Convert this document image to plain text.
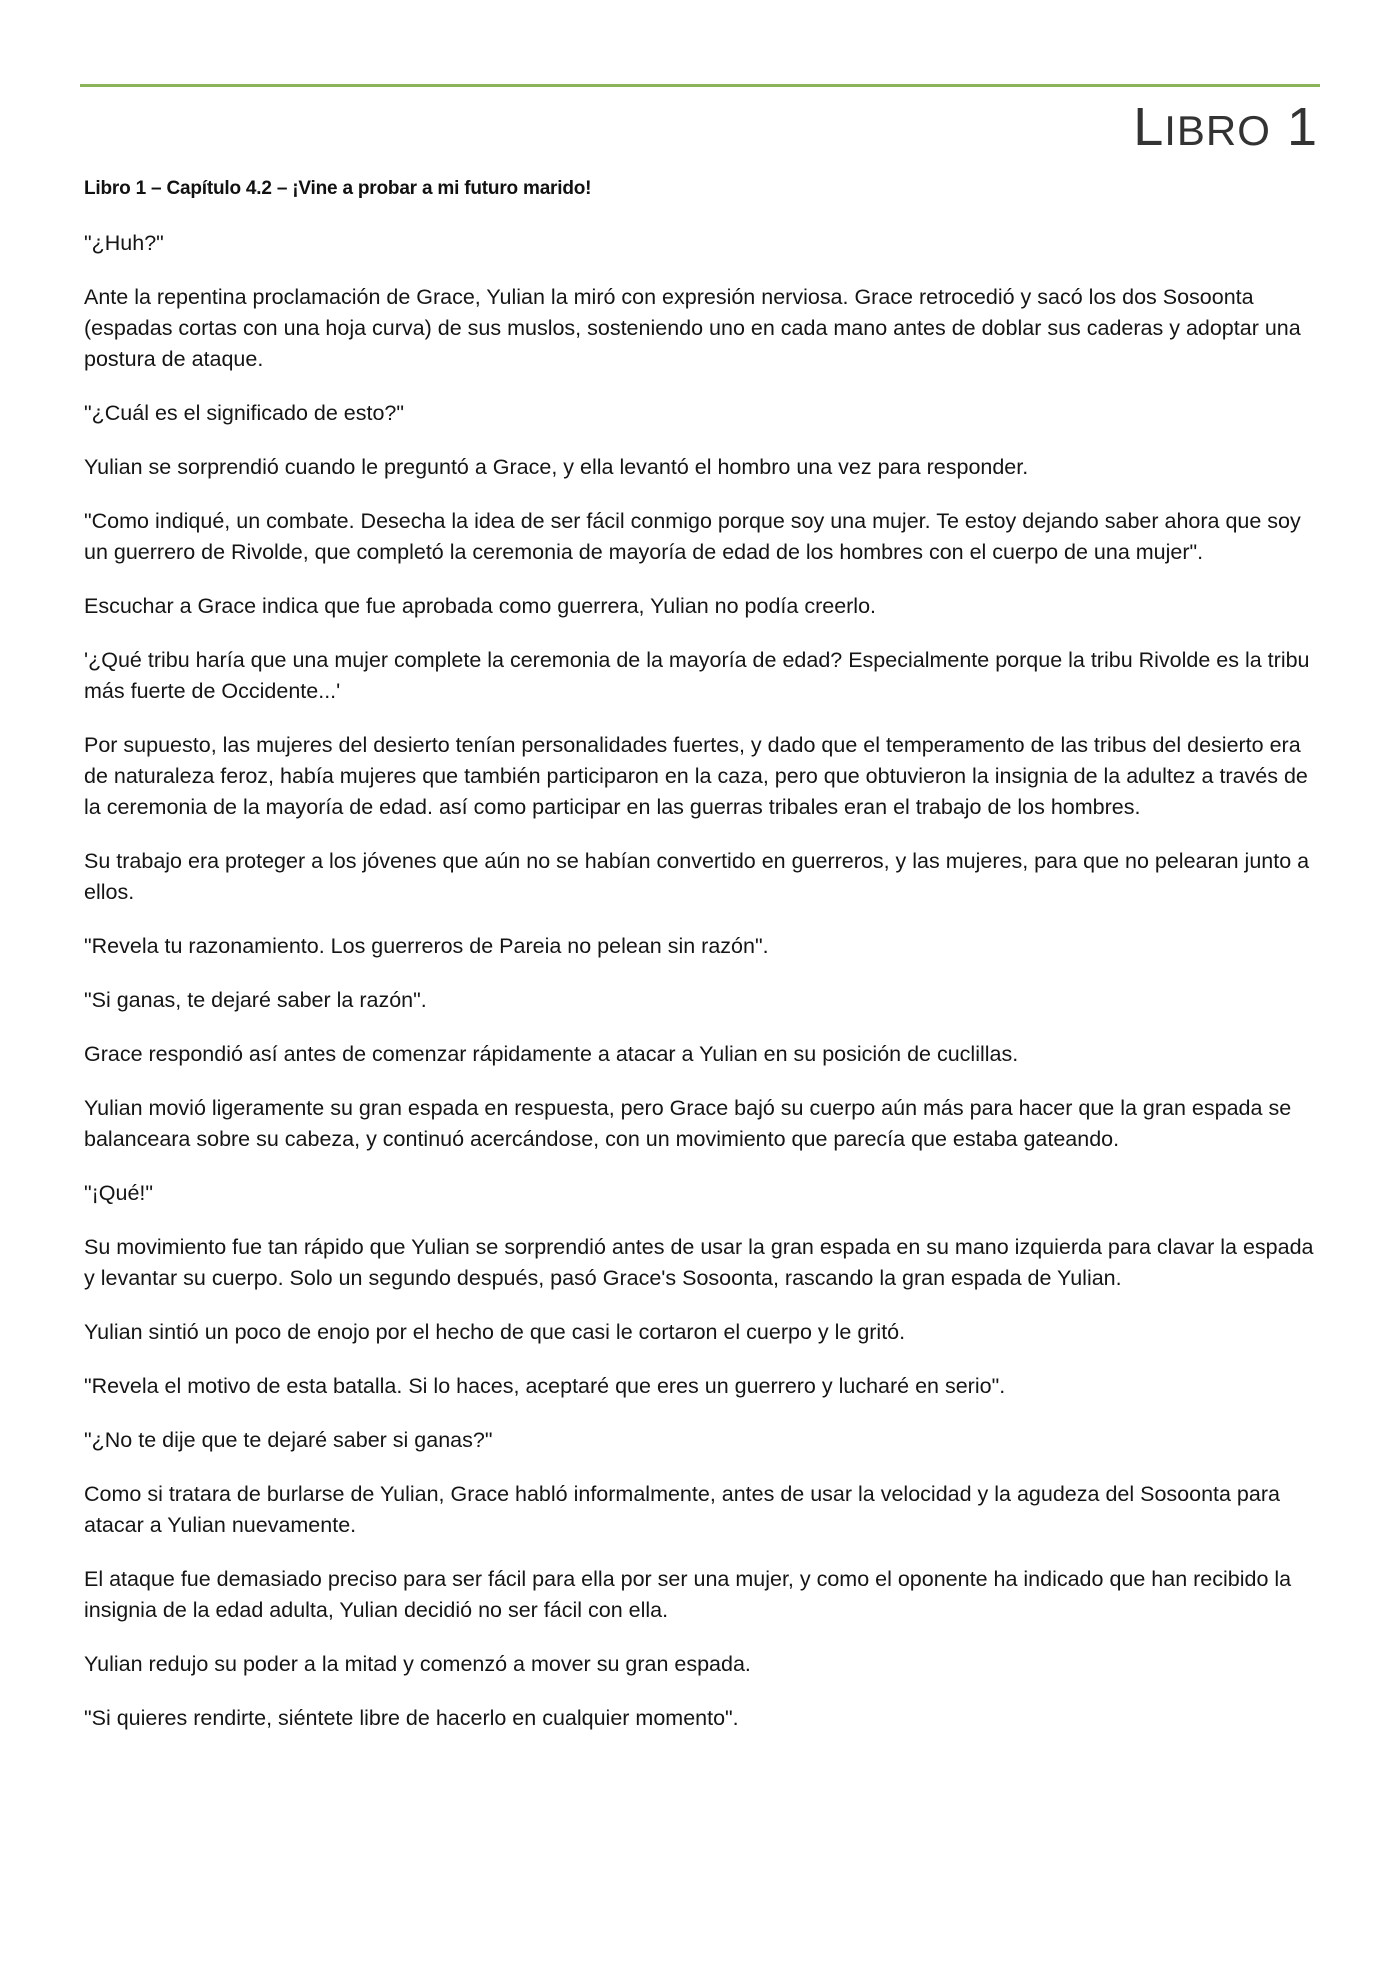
LIBRO 1
Libro 1 – Capítulo 4.2 – ¡Vine a probar a mi futuro marido!

"¿Huh?"

Ante la repentina proclamación de Grace, Yulian la miró con expresión nerviosa. Grace retrocedió y sacó los dos Sosoonta (espadas cortas con una hoja curva) de sus muslos, sosteniendo uno en cada mano antes de doblar sus caderas y adoptar una postura de ataque.

"¿Cuál es el significado de esto?"

Yulian se sorprendió cuando le preguntó a Grace, y ella levantó el hombro una vez para responder.

"Como indiqué, un combate. Desecha la idea de ser fácil conmigo porque soy una mujer. Te estoy dejando saber ahora que soy un guerrero de Rivolde, que completó la ceremonia de mayoría de edad de los hombres con el cuerpo de una mujer".

Escuchar a Grace indica que fue aprobada como guerrera, Yulian no podía creerlo.

'¿Qué tribu haría que una mujer complete la ceremonia de la mayoría de edad? Especialmente porque la tribu Rivolde es la tribu más fuerte de Occidente...'

Por supuesto, las mujeres del desierto tenían personalidades fuertes, y dado que el temperamento de las tribus del desierto era de naturaleza feroz, había mujeres que también participaron en la caza, pero que obtuvieron la insignia de la adultez a través de la ceremonia de la mayoría de edad. así como participar en las guerras tribales eran el trabajo de los hombres.

Su trabajo era proteger a los jóvenes que aún no se habían convertido en guerreros, y las mujeres, para que no pelearan junto a ellos.

"Revela tu razonamiento. Los guerreros de Pareia no pelean sin razón".

"Si ganas, te dejaré saber la razón".

Grace respondió así antes de comenzar rápidamente a atacar a Yulian en su posición de cuclillas.

Yulian movió ligeramente su gran espada en respuesta, pero Grace bajó su cuerpo aún más para hacer que la gran espada se balanceara sobre su cabeza, y continuó acercándose, con un movimiento que parecía que estaba gateando.

"¡Qué!"

Su movimiento fue tan rápido que Yulian se sorprendió antes de usar la gran espada en su mano izquierda para clavar la espada y levantar su cuerpo. Solo un segundo después, pasó Grace's Sosoonta, rascando la gran espada de Yulian.

Yulian sintió un poco de enojo por el hecho de que casi le cortaron el cuerpo y le gritó.

"Revela el motivo de esta batalla. Si lo haces, aceptaré que eres un guerrero y lucharé en serio".

"¿No te dije que te dejaré saber si ganas?"

Como si tratara de burlarse de Yulian, Grace habló informalmente, antes de usar la velocidad y la agudeza del Sosoonta para atacar a Yulian nuevamente.

El ataque fue demasiado preciso para ser fácil para ella por ser una mujer, y como el oponente ha indicado que han recibido la insignia de la edad adulta, Yulian decidió no ser fácil con ella.

Yulian redujo su poder a la mitad y comenzó a mover su gran espada.

"Si quieres rendirte, siéntete libre de hacerlo en cualquier momento".
